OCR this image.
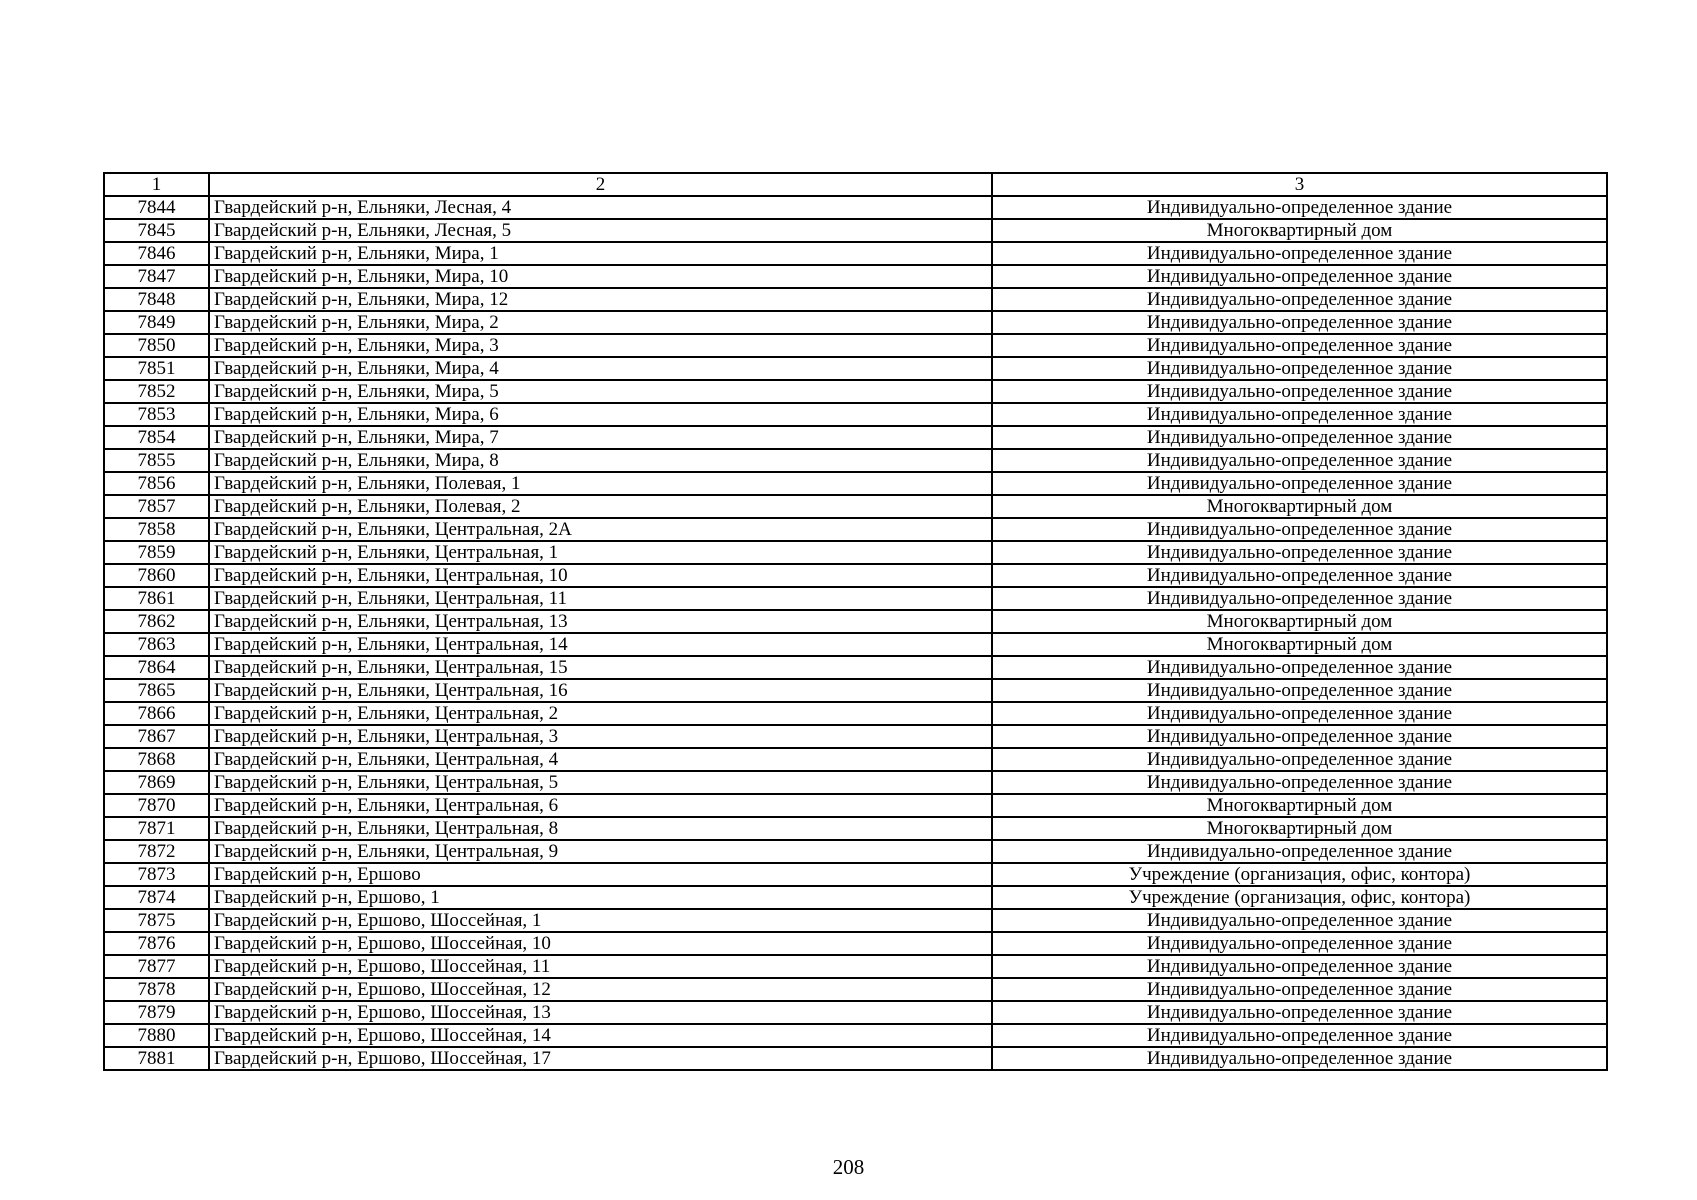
1	2	3
7844	Гвардейский р-н, Ельняки, Лесная, 4	Индивидуально-определенное здание
7845	Гвардейский р-н, Ельняки, Лесная, 5	Многоквартирный дом
7846	Гвардейский р-н, Ельняки, Мира, 1	Индивидуально-определенное здание
7847	Гвардейский р-н, Ельняки, Мира, 10	Индивидуально-определенное здание
7848	Гвардейский р-н, Ельняки, Мира, 12	Индивидуально-определенное здание
7849	Гвардейский р-н, Ельняки, Мира, 2	Индивидуально-определенное здание
7850	Гвардейский р-н, Ельняки, Мира, 3	Индивидуально-определенное здание
7851	Гвардейский р-н, Ельняки, Мира, 4	Индивидуально-определенное здание
7852	Гвардейский р-н, Ельняки, Мира, 5	Индивидуально-определенное здание
7853	Гвардейский р-н, Ельняки, Мира, 6	Индивидуально-определенное здание
7854	Гвардейский р-н, Ельняки, Мира, 7	Индивидуально-определенное здание
7855	Гвардейский р-н, Ельняки, Мира, 8	Индивидуально-определенное здание
7856	Гвардейский р-н, Ельняки, Полевая, 1	Индивидуально-определенное здание
7857	Гвардейский р-н, Ельняки, Полевая, 2	Многоквартирный дом
7858	Гвардейский р-н, Ельняки, Центральная, 2А	Индивидуально-определенное здание
7859	Гвардейский р-н, Ельняки, Центральная, 1	Индивидуально-определенное здание
7860	Гвардейский р-н, Ельняки, Центральная, 10	Индивидуально-определенное здание
7861	Гвардейский р-н, Ельняки, Центральная, 11	Индивидуально-определенное здание
7862	Гвардейский р-н, Ельняки, Центральная, 13	Многоквартирный дом
7863	Гвардейский р-н, Ельняки, Центральная, 14	Многоквартирный дом
7864	Гвардейский р-н, Ельняки, Центральная, 15	Индивидуально-определенное здание
7865	Гвардейский р-н, Ельняки, Центральная, 16	Индивидуально-определенное здание
7866	Гвардейский р-н, Ельняки, Центральная, 2	Индивидуально-определенное здание
7867	Гвардейский р-н, Ельняки, Центральная, 3	Индивидуально-определенное здание
7868	Гвардейский р-н, Ельняки, Центральная, 4	Индивидуально-определенное здание
7869	Гвардейский р-н, Ельняки, Центральная, 5	Индивидуально-определенное здание
7870	Гвардейский р-н, Ельняки, Центральная, 6	Многоквартирный дом
7871	Гвардейский р-н, Ельняки, Центральная, 8	Многоквартирный дом
7872	Гвардейский р-н, Ельняки, Центральная, 9	Индивидуально-определенное здание
7873	Гвардейский р-н, Ершово	Учреждение (организация, офис, контора)
7874	Гвардейский р-н, Ершово, 1	Учреждение (организация, офис, контора)
7875	Гвардейский р-н, Ершово, Шоссейная, 1	Индивидуально-определенное здание
7876	Гвардейский р-н, Ершово, Шоссейная, 10	Индивидуально-определенное здание
7877	Гвардейский р-н, Ершово, Шоссейная, 11	Индивидуально-определенное здание
7878	Гвардейский р-н, Ершово, Шоссейная, 12	Индивидуально-определенное здание
7879	Гвардейский р-н, Ершово, Шоссейная, 13	Индивидуально-определенное здание
7880	Гвардейский р-н, Ершово, Шоссейная, 14	Индивидуально-определенное здание
7881	Гвардейский р-н, Ершово, Шоссейная, 17	Индивидуально-определенное здание
208
